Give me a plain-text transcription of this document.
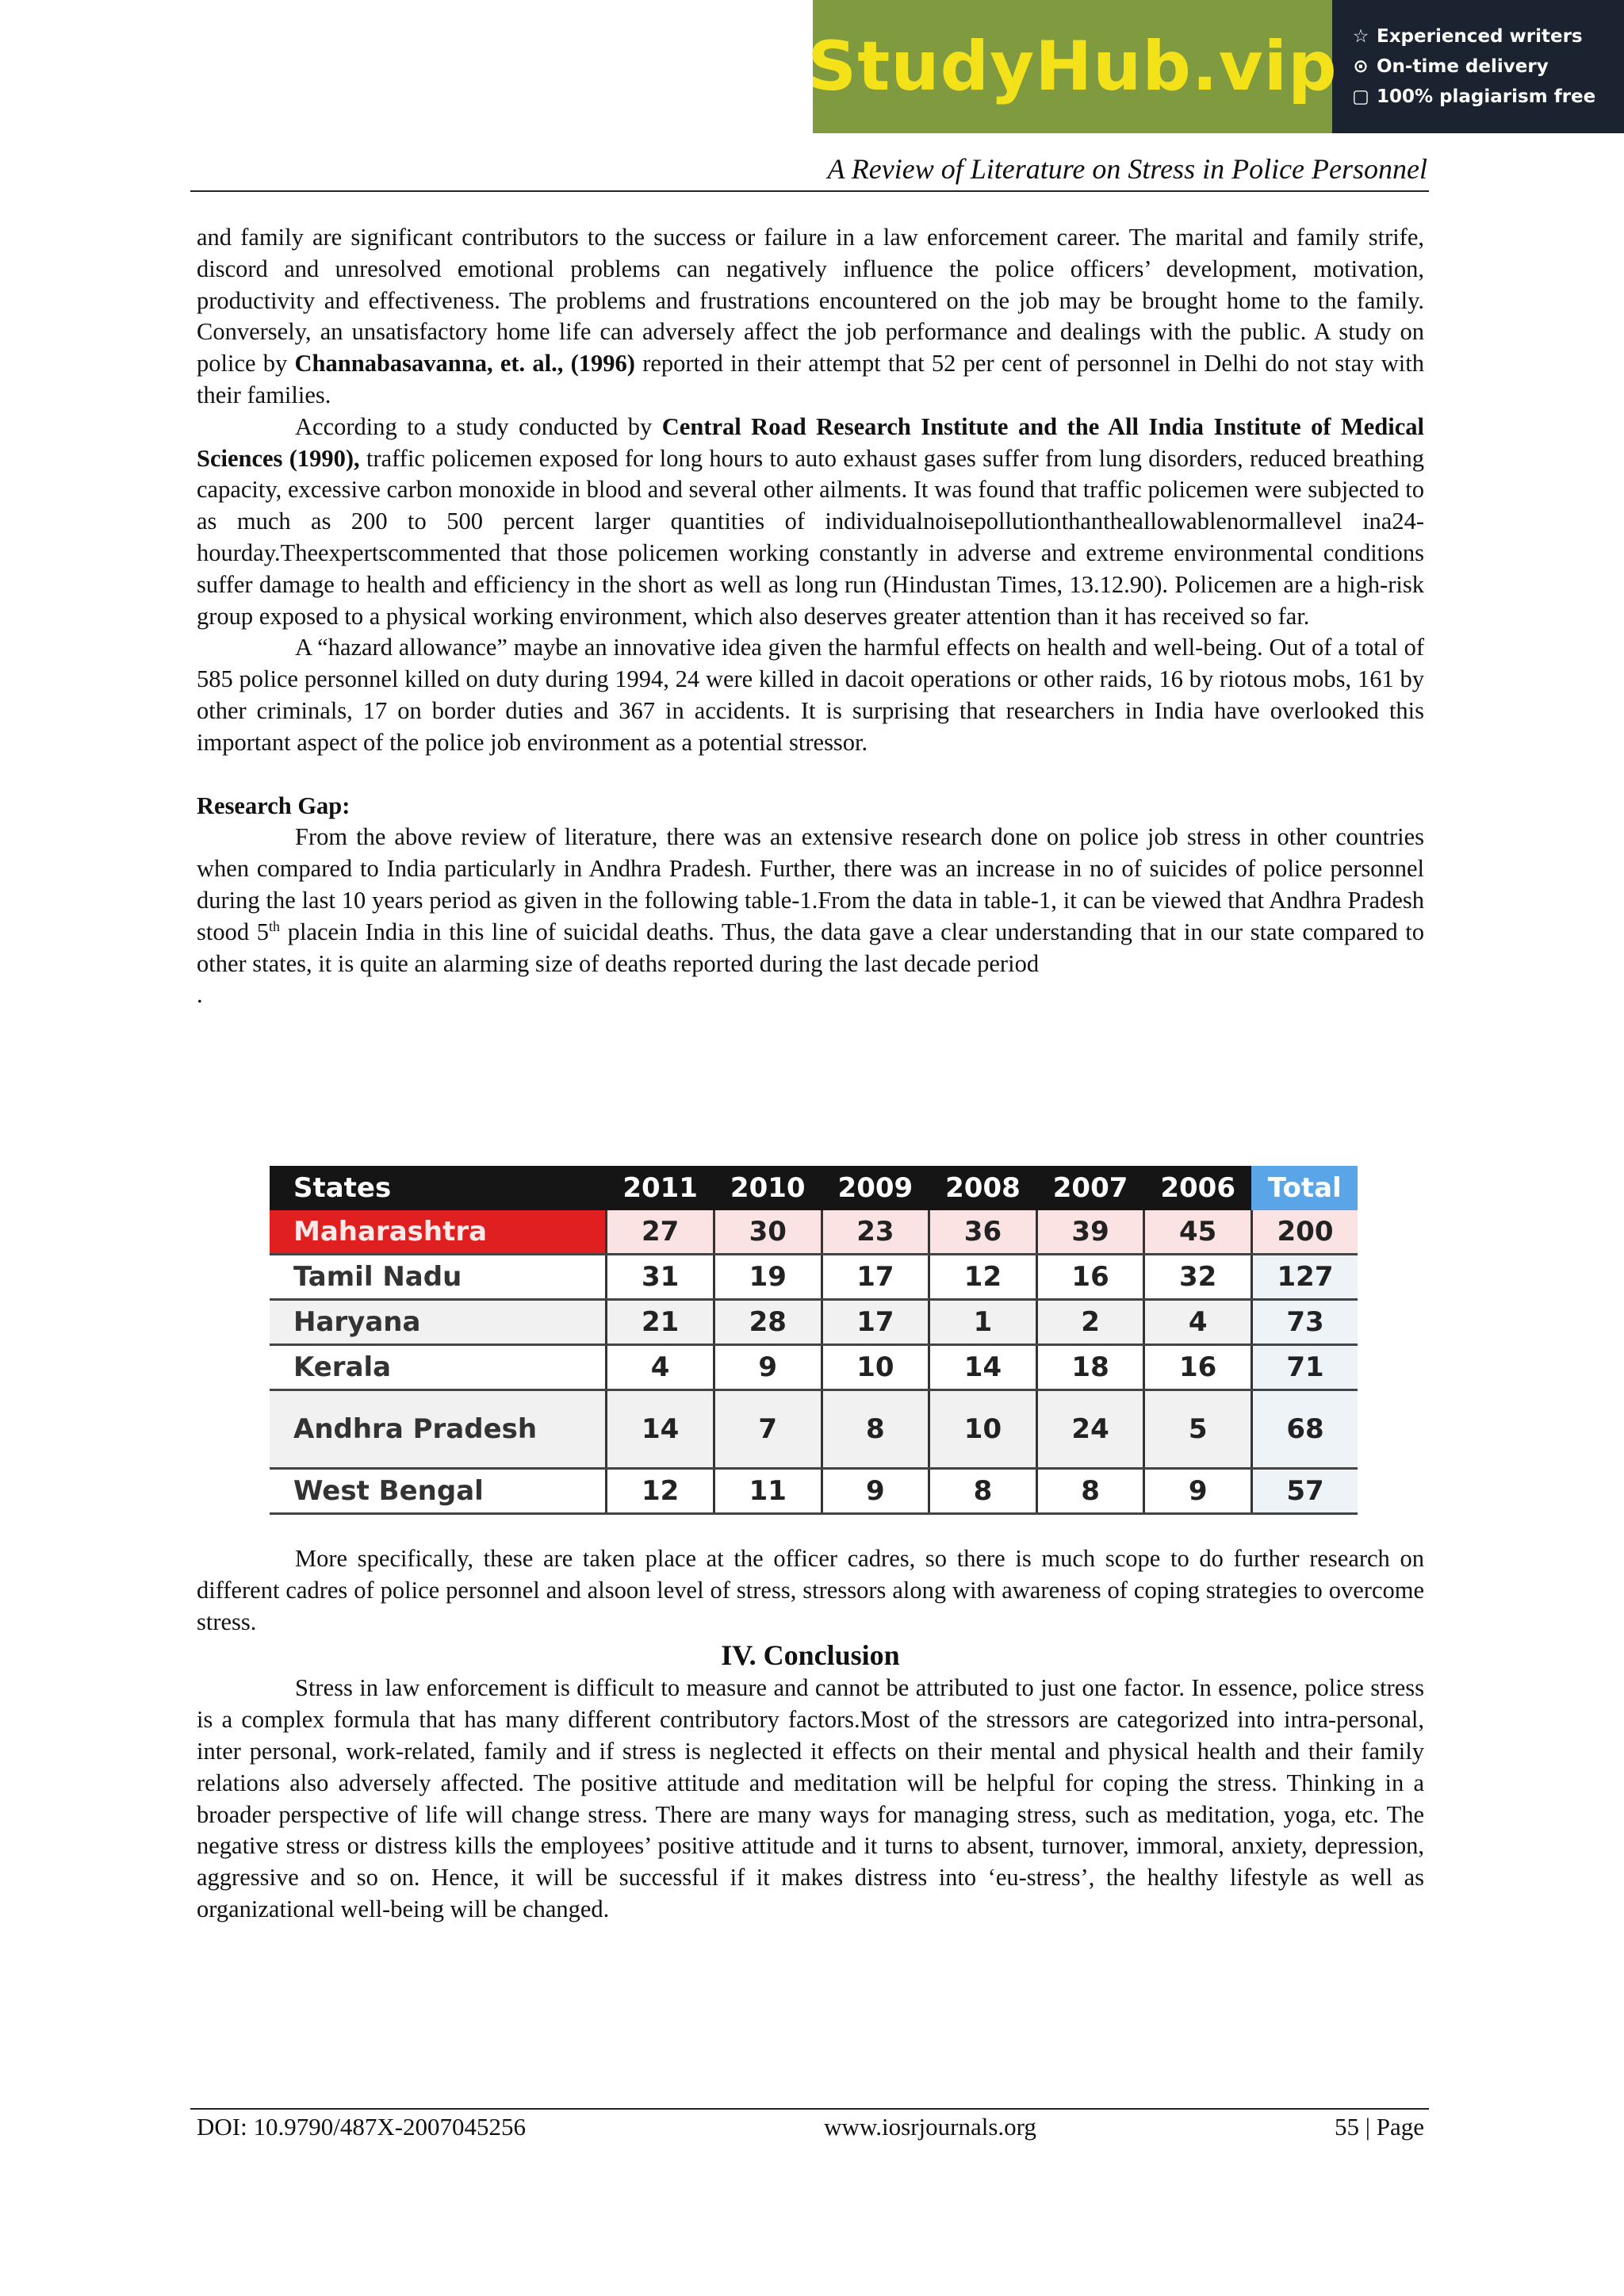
StudyHub.vip ☆ Experienced writers
⊙ On-time delivery
▢ 100% plagiarism free
A Review of Literature on Stress in Police Personnel

and family are significant contributors to the success or failure in a law enforcement career. The marital and family strife, discord and unresolved emotional problems can negatively influence the police officers’ development, motivation, productivity and effectiveness. The problems and frustrations encountered on the job may be brought home to the family. Conversely, an unsatisfactory home life can adversely affect the job performance and dealings with the public. A study on police by Channabasavanna, et. al., (1996) reported in their attempt that 52 per cent of personnel in Delhi do not stay with their families.

According to a study conducted by Central Road Research Institute and the All India Institute of Medical Sciences (1990), traffic policemen exposed for long hours to auto exhaust gases suffer from lung disorders, reduced breathing capacity, excessive carbon monoxide in blood and several other ailments. It was found that traffic policemen were subjected to as much as 200 to 500 percent larger quantities of individualnoisepollutionthantheallowablenormallevel ina24-hourday.Theexpertscommented that those policemen working constantly in adverse and extreme environmental conditions suffer damage to health and efficiency in the short as well as long run (Hindustan Times, 13.12.90). Policemen are a high-risk group exposed to a physical working environment, which also deserves greater attention than it has received so far.

A “hazard allowance” maybe an innovative idea given the harmful effects on health and well-being. Out of a total of 585 police personnel killed on duty during 1994, 24 were killed in dacoit operations or other raids, 16 by riotous mobs, 161 by other criminals, 17 on border duties and 367 in accidents. It is surprising that researchers in India have overlooked this important aspect of the police job environment as a potential stressor.

Research Gap:

From the above review of literature, there was an extensive research done on police job stress in other countries when compared to India particularly in Andhra Pradesh. Further, there was an increase in no of suicides of police personnel during the last 10 years period as given in the following table-1.From the data in table-1, it can be viewed that Andhra Pradesh stood 5th placein India in this line of suicidal deaths. Thus, the data gave a clear understanding that in our state compared to other states, it is quite an alarming size of deaths reported during the last decade period

.

States	2011	2010	2009	2008	2007	2006	Total
Maharashtra	27	30	23	36	39	45	200
Tamil Nadu	31	19	17	12	16	32	127
Haryana	21	28	17	1	2	4	73
Kerala	4	9	10	14	18	16	71
Andhra Pradesh	14	7	8	10	24	5	68
West Bengal	12	11	9	8	8	9	57

More specifically, these are taken place at the officer cadres, so there is much scope to do further research on different cadres of police personnel and alsoon level of stress, stressors along with awareness of coping strategies to overcome stress.

IV. Conclusion

Stress in law enforcement is difficult to measure and cannot be attributed to just one factor. In essence, police stress is a complex formula that has many different contributory factors.Most of the stressors are categorized into intra-personal, inter personal, work-related, family and if stress is neglected it effects on their mental and physical health and their family relations also adversely affected. The positive attitude and meditation will be helpful for coping the stress. Thinking in a broader perspective of life will change stress. There are many ways for managing stress, such as meditation, yoga, etc. The negative stress or distress kills the employees’ positive attitude and it turns to absent, turnover, immoral, anxiety, depression, aggressive and so on. Hence, it will be successful if it makes distress into ‘eu-stress’, the healthy lifestyle as well as organizational well-being will be changed.

DOI: 10.9790/487X-2007045256	www.iosrjournals.org	55 | Page
